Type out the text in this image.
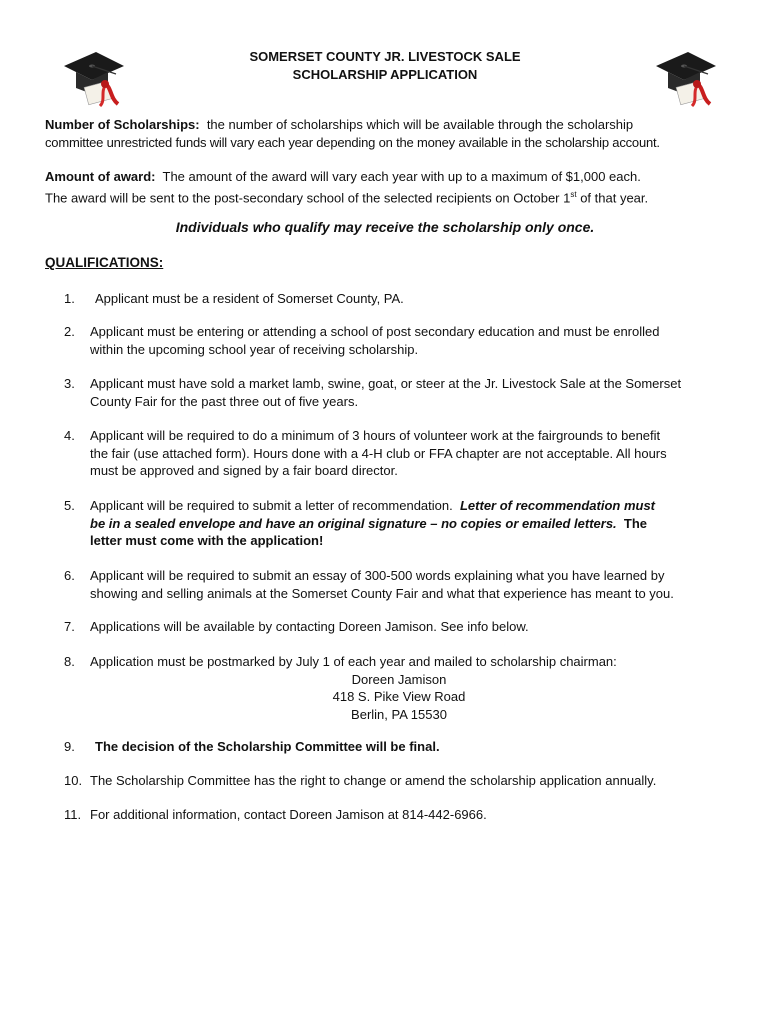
SOMERSET COUNTY JR. LIVESTOCK SALE
SCHOLARSHIP APPLICATION
Number of Scholarships: the number of scholarships which will be available through the scholarship
committee unrestricted funds will vary each year depending on the money available in the scholarship account.
Amount of award: The amount of the award will vary each year with up to a maximum of $1,000 each.
The award will be sent to the post-secondary school of the selected recipients on October 1st of that year.
Individuals who qualify may receive the scholarship only once.
QUALIFICATIONS:
1. Applicant must be a resident of Somerset County, PA.
2. Applicant must be entering or attending a school of post secondary education and must be enrolled
within the upcoming school year of receiving scholarship.
3. Applicant must have sold a market lamb, swine, goat, or steer at the Jr. Livestock Sale at the Somerset
County Fair for the past three out of five years.
4. Applicant will be required to do a minimum of 3 hours of volunteer work at the fairgrounds to benefit
the fair (use attached form). Hours done with a 4-H club or FFA chapter are not acceptable. All hours
must be approved and signed by a fair board director.
5. Applicant will be required to submit a letter of recommendation. Letter of recommendation must
be in a sealed envelope and have an original signature – no copies or emailed letters. The
letter must come with the application!
6. Applicant will be required to submit an essay of 300-500 words explaining what you have learned by
showing and selling animals at the Somerset County Fair and what that experience has meant to you.
7. Applications will be available by contacting Doreen Jamison. See info below.
8. Application must be postmarked by July 1 of each year and mailed to scholarship chairman:
Doreen Jamison
418 S. Pike View Road
Berlin, PA 15530
9. The decision of the Scholarship Committee will be final.
10. The Scholarship Committee has the right to change or amend the scholarship application annually.
11. For additional information, contact Doreen Jamison at 814-442-6966.
